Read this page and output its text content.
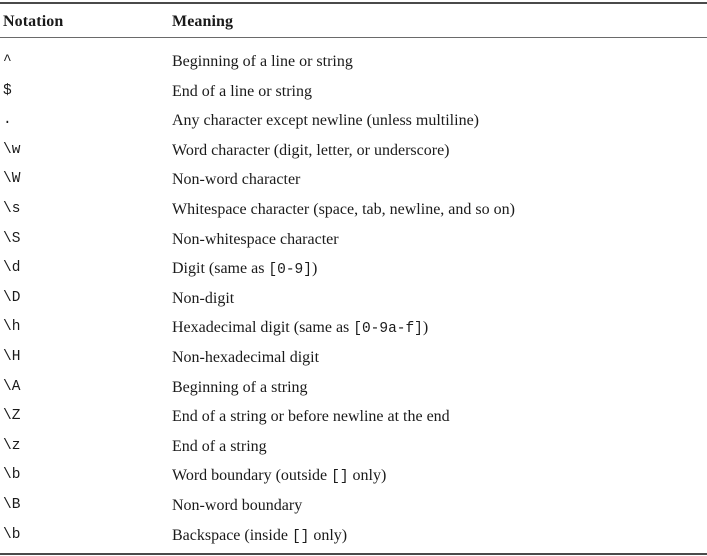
Notation	Meaning
^	Beginning of a line or string
$	End of a line or string
.	Any character except newline (unless multiline)
\w	Word character (digit, letter, or underscore)
\W	Non-word character
\s	Whitespace character (space, tab, newline, and so on)
\S	Non-whitespace character
\d	Digit (same as [0-9])
\D	Non-digit
\h	Hexadecimal digit (same as [0-9a-f])
\H	Non-hexadecimal digit
\A	Beginning of a string
\Z	End of a string or before newline at the end
\z	End of a string
\b	Word boundary (outside [] only)
\B	Non-word boundary
\b	Backspace (inside [] only)
